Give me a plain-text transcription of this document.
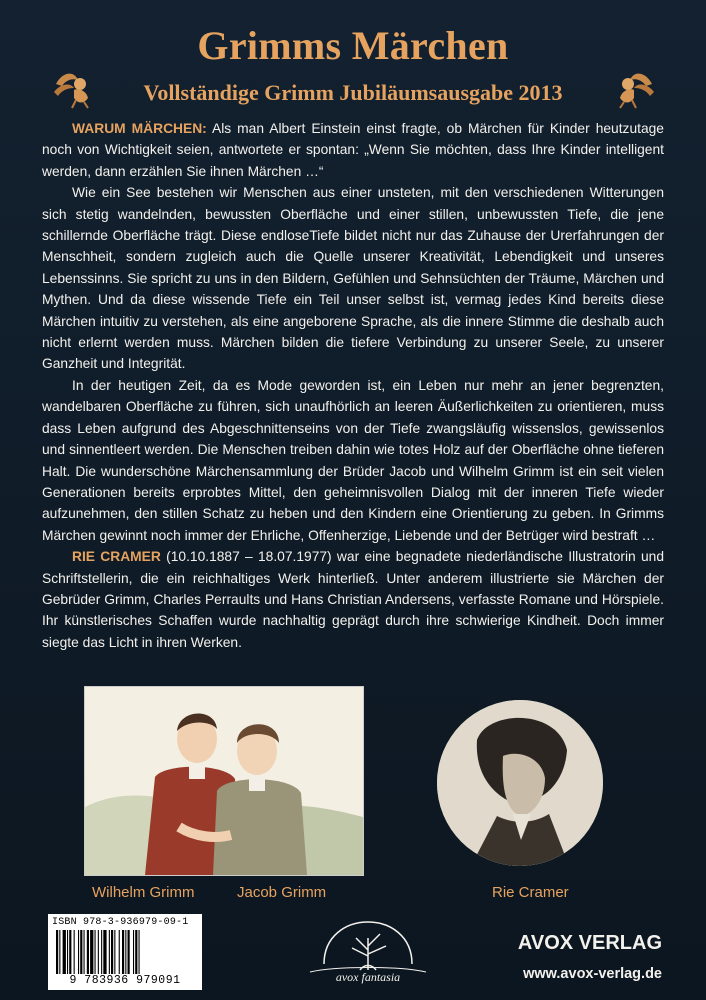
Grimms Märchen
Vollständige Grimm Jubiläumsausgabe 2013

WARUM MÄRCHEN: Als man Albert Einstein einst fragte, ob Märchen für Kinder heutzutage noch von Wichtigkeit seien, antwortete er spontan: „Wenn Sie möchten, dass Ihre Kinder intelligent werden, dann erzählen Sie ihnen Märchen …“

Wie ein See bestehen wir Menschen aus einer unsteten, mit den verschiedenen Witterungen sich stetig wandelnden, bewussten Oberfläche und einer stillen, unbewussten Tiefe, die jene schillernde Oberfläche trägt. Diese endloseTiefe bildet nicht nur das Zuhause der Urerfahrungen der Menschheit, sondern zugleich auch die Quelle unserer Kreativität, Lebendigkeit und unseres Lebenssinns. Sie spricht zu uns in den Bildern, Gefühlen und Sehnsüchten der Träume, Märchen und Mythen. Und da diese wissende Tiefe ein Teil unser selbst ist, vermag jedes Kind bereits diese Märchen intuitiv zu verstehen, als eine angeborene Sprache, als die innere Stimme die deshalb auch nicht erlernt werden muss. Märchen bilden die tiefere Verbindung zu unserer Seele, zu unserer Ganzheit und Integrität.

In der heutigen Zeit, da es Mode geworden ist, ein Leben nur mehr an jener begrenzten, wandelbaren Oberfläche zu führen, sich unaufhörlich an leeren Äußerlichkeiten zu orientieren, muss dass Leben aufgrund des Abgeschnittenseins von der Tiefe zwangsläufig wissenslos, gewissenlos und sinnentleert werden. Die Menschen treiben dahin wie totes Holz auf der Oberfläche ohne tieferen Halt. Die wunderschöne Märchensammlung der Brüder Jacob und Wilhelm Grimm ist ein seit vielen Generationen bereits erprobtes Mittel, den geheimnisvollen Dialog mit der inneren Tiefe wieder aufzunehmen, den stillen Schatz zu heben und den Kindern eine Orientierung zu geben. In Grimms Märchen gewinnt noch immer der Ehrliche, Offenherzige, Liebende und der Betrüger wird bestraft …

RIE CRAMER (10.10.1887 – 18.07.1977) war eine begnadete niederländische Illustratorin und Schriftstellerin, die ein reichhaltiges Werk hinterließ. Unter anderem illustrierte sie Märchen der Gebrüder Grimm, Charles Perraults und Hans Christian Andersens, verfasste Romane und Hörspiele. Ihr künstlerisches Schaffen wurde nachhaltig geprägt durch ihre schwierige Kindheit. Doch immer siegte das Licht in ihren Werken.

Wilhelm Grimm	Jacob Grimm	Rie Cramer
ISBN 978-3-936979-09-1
9 783936 979091	avox fantasia
AVOX VERLAG
www.avox-verlag.de
